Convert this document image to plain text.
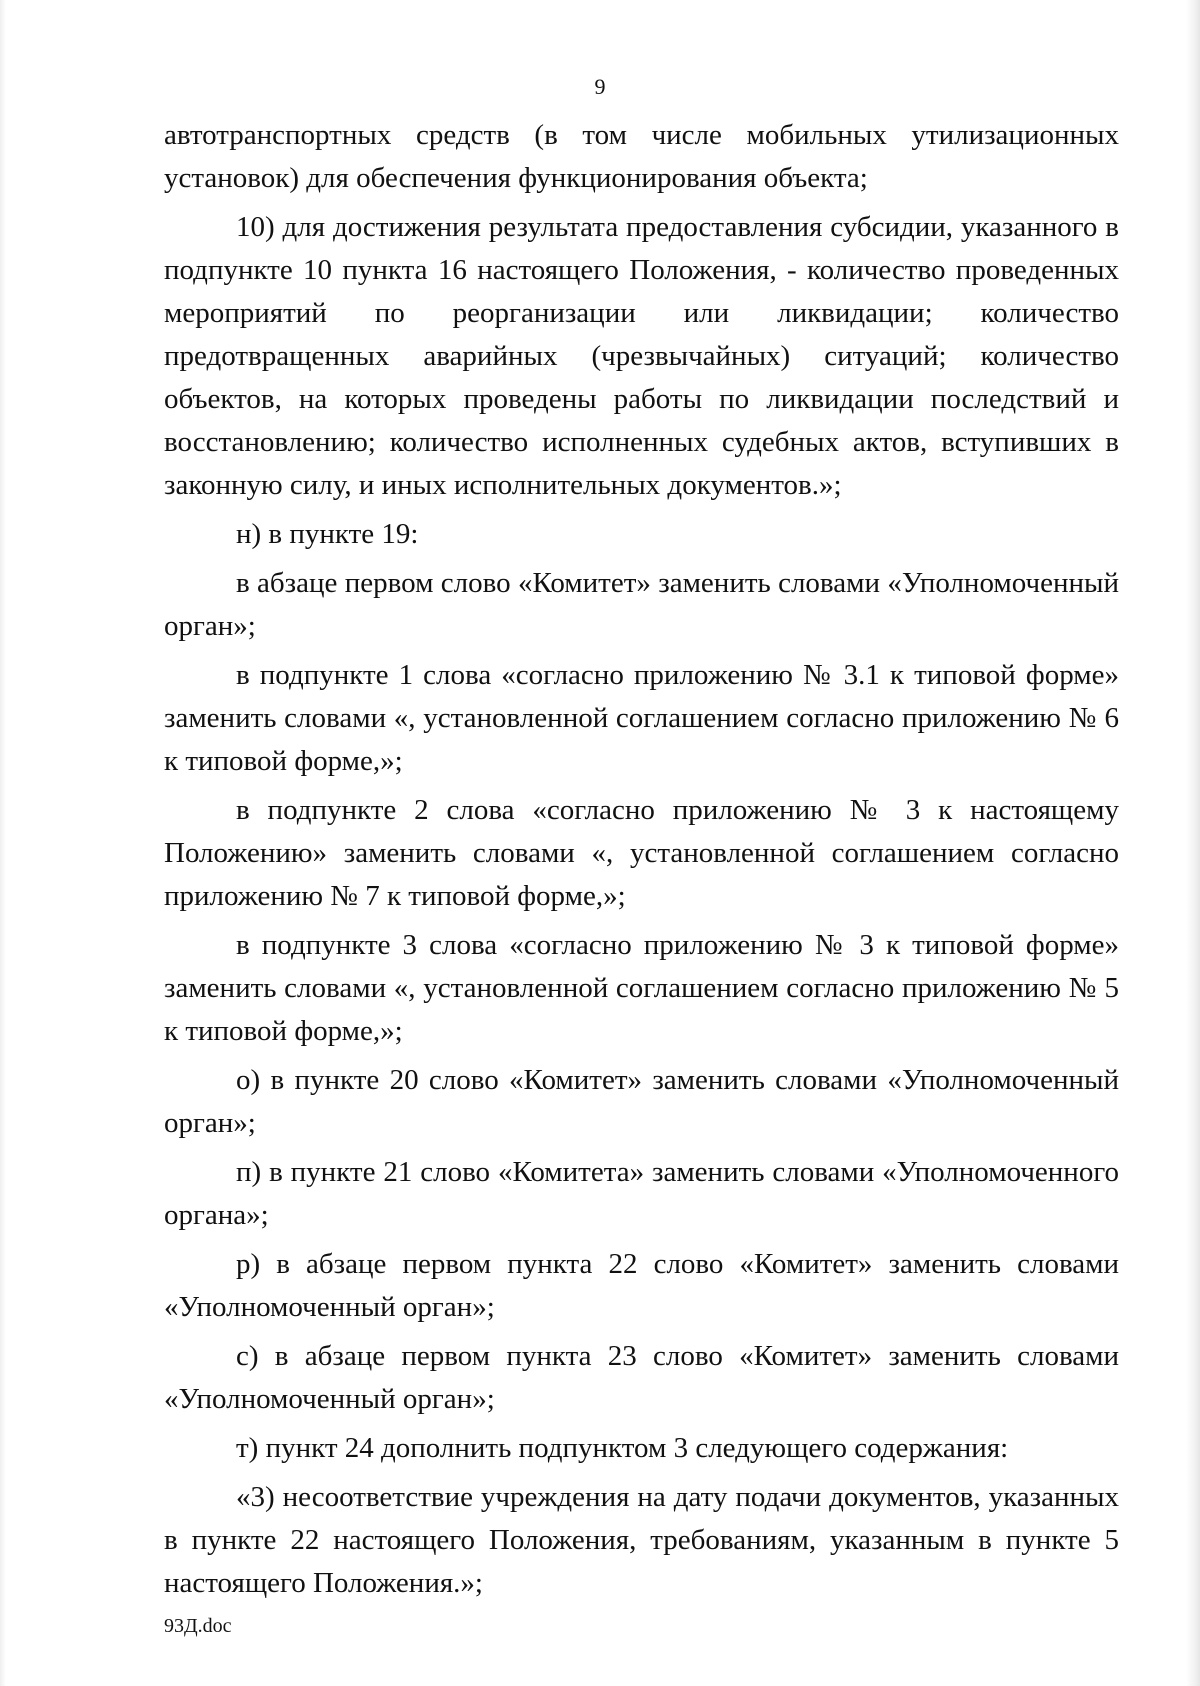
9

автотранспортных средств (в том числе мобильных утилизационных установок) для обеспечения функционирования объекта;

10) для достижения результата предоставления субсидии, указанного в подпункте 10 пункта 16 настоящего Положения, - количество проведенных мероприятий по реорганизации или ликвидации; количество предотвращенных аварийных (чрезвычайных) ситуаций; количество объектов, на которых проведены работы по ликвидации последствий и восстановлению; количество исполненных судебных актов, вступивших в законную силу, и иных исполнительных документов.»;

н) в пункте 19:

в абзаце первом слово «Комитет» заменить словами «Уполномоченный орган»;

в подпункте 1 слова «согласно приложению № 3.1 к типовой форме» заменить словами «, установленной соглашением согласно приложению № 6 к типовой форме,»;

в подпункте 2 слова «согласно приложению № 3 к настоящему Положению» заменить словами «, установленной соглашением согласно приложению № 7 к типовой форме,»;

в подпункте 3 слова «согласно приложению № 3 к типовой форме» заменить словами «, установленной соглашением согласно приложению № 5 к типовой форме,»;

о) в пункте 20 слово «Комитет» заменить словами «Уполномоченный орган»;

п) в пункте 21 слово «Комитета» заменить словами «Уполномоченного органа»;

р) в абзаце первом пункта 22 слово «Комитет» заменить словами «Уполномоченный орган»;

с) в абзаце первом пункта 23 слово «Комитет» заменить словами «Уполномоченный орган»;

т) пункт 24 дополнить подпунктом 3 следующего содержания:

«3) несоответствие учреждения на дату подачи документов, указанных в пункте 22 настоящего Положения, требованиям, указанным в пункте 5 настоящего Положения.»;

93Д.doc
